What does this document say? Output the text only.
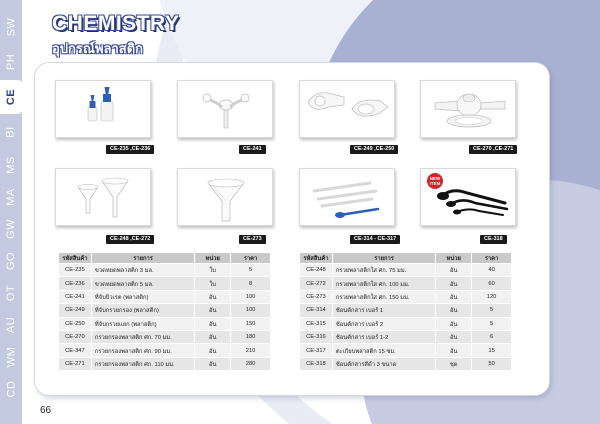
SW
PH
CE
BI
MS
MA
GW
GO
OT
AU
WM
CD
CHEMISTRY
อุปกรณ์พลาสติก
CE-235 ,CE-236	CE-241	CE-249 ,CE-250	CE-270 ,CE-271
CE-248 ,CE-272	CE-273	CE-314 - CE-317
NEW ITEM
CE-318
รหัสสินค้า	รายการ	หน่วย	ราคา
CE-235	ขวดหยดพลาสติก 3 มล.	ใบ	5
CE-236	ขวดหยดพลาสติก 5 มล.	ใบ	8
CE-241	ที่จับบิวเรต (พลาสติก)	อัน	100
CE-249	ที่จับกรวยกรอง (พลาสติก)	อัน	100
CE-250	ที่จับกรวยแยก (พลาสติก)	อัน	150
CE-270	กรวยกรองพลาสติก ศก. 70 มม.	อัน	180
CE-347	กรวยกรองพลาสติก ศก. 90 มม.	อัน	210
CE-271	กรวยกรองพลาสติก ศก. 110 มม.	อัน	280
รหัสสินค้า	รายการ	หน่วย	ราคา
CE-248	กรวยพลาสติกใส ศก. 75 มม.	อัน	40
CE-272	กรวยพลาสติกใส ศก. 100 มม.	อัน	60
CE-273	กรวยพลาสติกใส ศก. 150 มม.	อัน	120
CE-314	ช้อนตักสาร เบอร์ 1	อัน	5
CE-315	ช้อนตักสาร เบอร์ 2	อัน	5
CE-316	ช้อนตักสาร เบอร์ 1-2	อัน	6
CE-317	ตะเกียบพลาสติก 15 ซม.	อัน	15
CE-318	ช้อนตักสารสีดำ 3 ขนาด	ชุด	50
66
